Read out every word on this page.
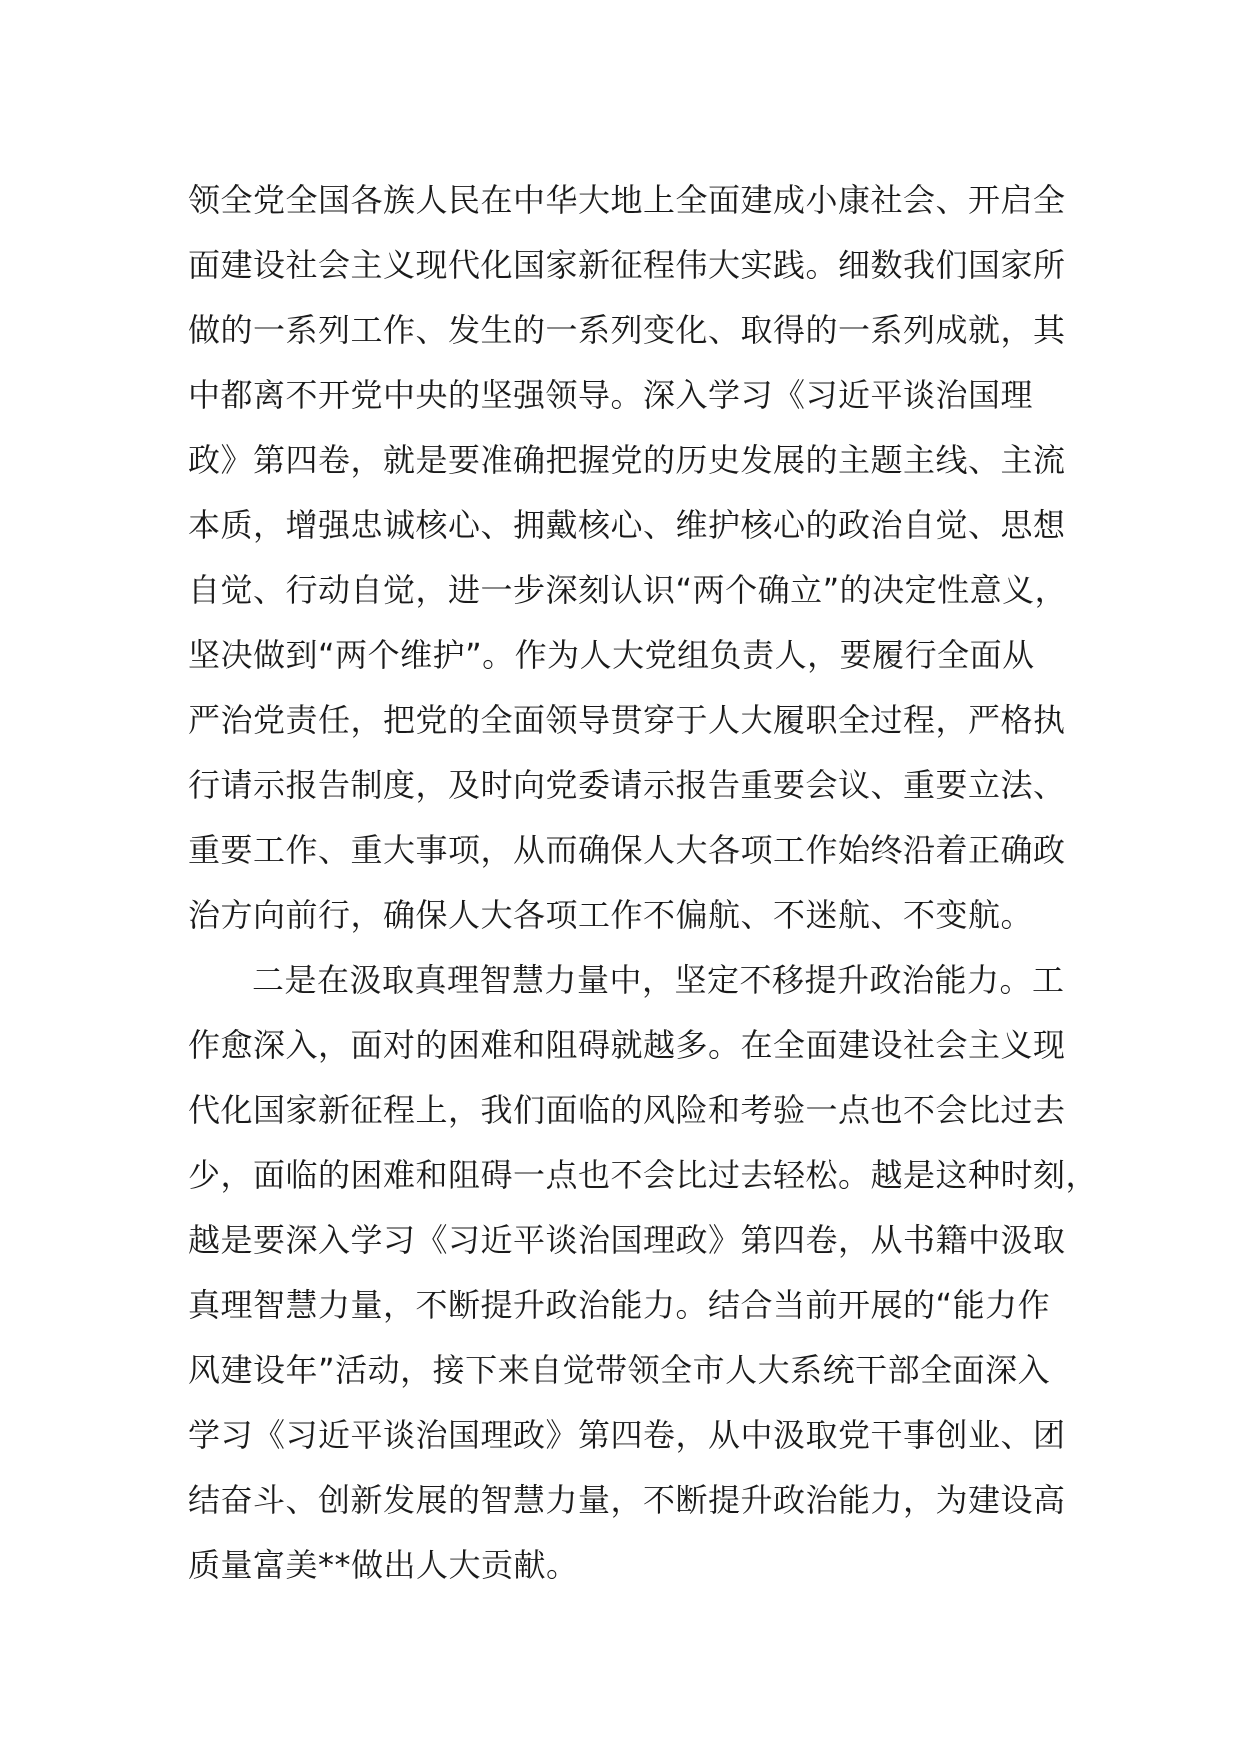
领全党全国各族人民在中华大地上全面建成小康社会、开启全
面建设社会主义现代化国家新征程伟大实践。细数我们国家所
做的一系列工作、发生的一系列变化、取得的一系列成就，其
中都离不开党中央的坚强领导。深入学习《习近平谈治国理
政》第四卷，就是要准确把握党的历史发展的主题主线、主流
本质，增强忠诚核心、拥戴核心、维护核心的政治自觉、思想
自觉、行动自觉，进一步深刻认识“两个确立”的决定性意义，
坚决做到“两个维护”。作为人大党组负责人，要履行全面从
严治党责任，把党的全面领导贯穿于人大履职全过程，严格执
行请示报告制度，及时向党委请示报告重要会议、重要立法、
重要工作、重大事项，从而确保人大各项工作始终沿着正确政
治方向前行，确保人大各项工作不偏航、不迷航、不变航。
二是在汲取真理智慧力量中，坚定不移提升政治能力。工
作愈深入，面对的困难和阻碍就越多。在全面建设社会主义现
代化国家新征程上，我们面临的风险和考验一点也不会比过去
少，面临的困难和阻碍一点也不会比过去轻松。越是这种时刻，
越是要深入学习《习近平谈治国理政》第四卷，从书籍中汲取
真理智慧力量，不断提升政治能力。结合当前开展的“能力作
风建设年”活动，接下来自觉带领全市人大系统干部全面深入
学习《习近平谈治国理政》第四卷，从中汲取党干事创业、团
结奋斗、创新发展的智慧力量，不断提升政治能力，为建设高
质量富美**做出人大贡献。
